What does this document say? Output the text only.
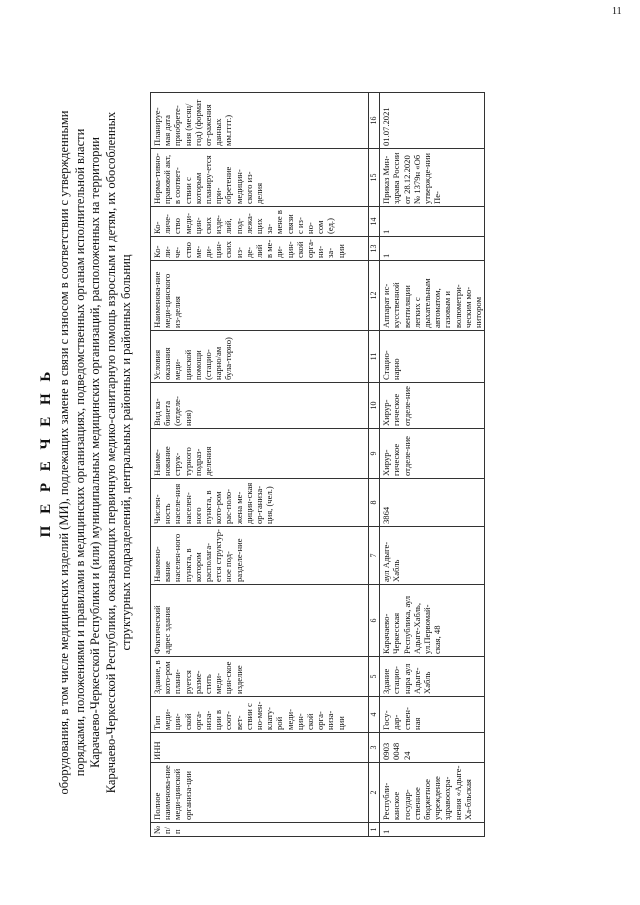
11
П Е Р Е Ч Е Н Ь оборудования, в том числе медицинских изделий (МИ), подлежащих замене в связи с износом в соответствии с утвержденными порядками, положениями и правилами в медицинских организациях, подведомственных органам исполнительной власти Карачаево-Черкесской Республики и (или) муниципальных медицинских организаций, расположенных на территории Карачаево-Черкесской Республики, оказывающих первичную медико-санитарную помощь взрослым и детям, их обособленных структурных подразделений, центральных районных и районных больниц
№ п/ п	Полное наименова-ние меди-цинской организа-ции	ИНН	Тип меди-цин-ской орга-низа-ции в соот-вет-ствии с но-мен-клату-рой меди-цин-ской орга-низа-ции	Здание, в кото-ром плани-руется разме-стить меди-цин-ское изделие	Фактический адрес здания	Наимено-вание населен-ного пункта, в котором располага-ется структур-ное под-разделе-ние	Числен-ность населе-ния населен-ного пункта, в кото-ром рас-поло-жена ме-дицин-ская ор-ганиза-ция, (чел.)	Наиме-нование струк-турного подраз-деления	Вид ка-бинета (отделе-ния)	Условия оказания меди-цинской помощи (стацио-нарно/ам була-торно)	Наименова-ние меди-цинского из-делия	Ко-ли-че-ство ме-ди-цин-ских из-де-лий в ме-ди-цин-ской орга-ни-за-ции	Ко-личе-ство меди-цин-ских изде-лий, под-лежа-щих за-мене в связи с из-но-сом (ед.)	Норма-тивно-правовой акт, в соответ-ствии с которым планиру-ется при-обретение медицин-ского из-делия	Планируе-мая дата приобрете-ния (месяц/ год) (формат от-ражения данных мм.гггг.)
1	2	3	4	5	6	7	8	9	10	11	12	13	14	15	16
1	Республи-канское государ-ственное бюджетное учреждение здравоохра-нения «Адыге-Ха-бльская	0903 0048 24	Госу-дар-ствен-ная	Здание стацио-нара аул Адыге-Хабль	Карачаево-Черкесская Республика, аул Адыге-Хабль, ул.Первомай-ская, 48	аул Адыге-Хабль	3864	Хирур-гическое отделе-ние	Хирур-гическое отделе-ние	Стацио-нарно	Аппарат ис-кусственной вентиляции легких с дыхательным автоматом, газовым и волюметри-ческим мо-нитором	1	1	Приказ Мин-здрава России от 28.12.2020 № 1379н «Об утвержде-нии Пе-	01.07.2021
